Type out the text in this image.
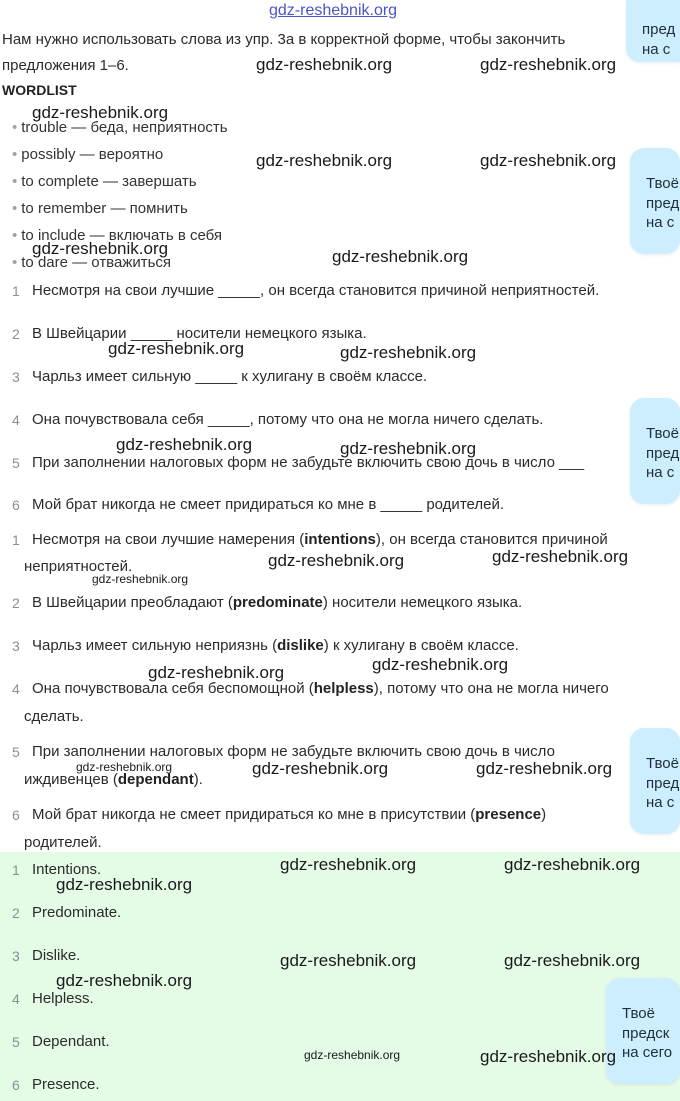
gdz-reshebnik.org
Нам нужно использовать слова из упр. 3а в корректной форме, чтобы закончить
предложения 1–6.
WORDLIST
• trouble — беда, неприятность
• possibly — вероятно
• to complete — завершать
• to remember — помнить
• to include — включать в себя
• to dare — отважиться
1 Несмотря на свои лучшие _____, он всегда становится причиной неприятностей.
2 В Швейцарии _____ носители немецкого языка.
3 Чарльз имеет сильную _____ к хулигану в своём классе.
4 Она почувствовала себя _____, потому что она не могла ничего сделать.
5 При заполнении налоговых форм не забудьте включить свою дочь в число ___
6 Мой брат никогда не смеет придираться ко мне в _____ родителей.
1 Несмотря на свои лучшие намерения (intentions), он всегда становится причиной
неприятностей.
2 В Швейцарии преобладают (predominate) носители немецкого языка.
3 Чарльз имеет сильную неприязнь (dislike) к хулигану в своём классе.
4 Она почувствовала себя беспомощной (helpless), потому что она не могла ничего
сделать.
5 При заполнении налоговых форм не забудьте включить свою дочь в число
иждивенцев (dependant).
6 Мой брат никогда не смеет придираться ко мне в присутствии (presence)
родителей.
1 Intentions.
2 Predominate.
3 Dislike.
4 Helpless.
5 Dependant.
6 Presence.
пред
на с
Твоё
пред
на с
Твоё
пред
на с
Твоё
пред
на с
Твоё
предск
на сего
gdz-reshebnik.org	gdz-reshebnik.org
gdz-reshebnik.org
gdz-reshebnik.org	gdz-reshebnik.org
gdz-reshebnik.org	gdz-reshebnik.org
gdz-reshebnik.org	gdz-reshebnik.org
gdz-reshebnik.org	gdz-reshebnik.org
gdz-reshebnik.org	gdz-reshebnik.org
gdz-reshebnik.org
gdz-reshebnik.org	gdz-reshebnik.org
gdz-reshebnik.org	gdz-reshebnik.org	gdz-reshebnik.org
gdz-reshebnik.org	gdz-reshebnik.org
gdz-reshebnik.org
gdz-reshebnik.org	gdz-reshebnik.org
gdz-reshebnik.org
gdz-reshebnik.org	gdz-reshebnik.org
